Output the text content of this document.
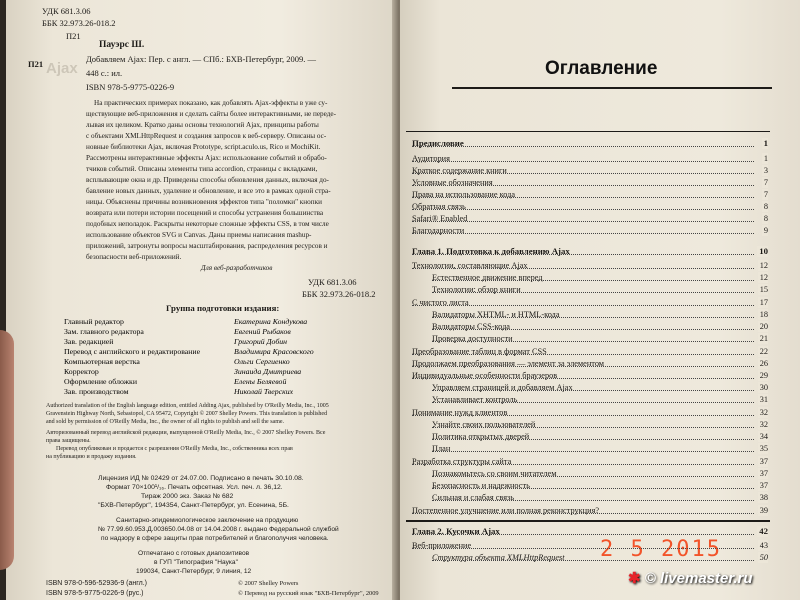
Ajax
УДК 681.3.06
ББК 32.973.26-018.2
П21
П21
Пауэрс Ш.
Добавляем Ajax: Пер. с англ. — СПб.: БХВ-Петербург, 2009. —
448 с.: ил.
ISBN 978-5-9775-0226-9
На практических примерах показано, как добавлять Ajax-эффекты в уже су-
ществующие веб-приложения и сделать сайты более интерактивными, не переде-
лывая их целиком. Кратко даны основы технологий Ajax, принципы работы
с объектами XMLHttpRequest и создания запросов к веб-серверу. Описаны ос-
новные библиотеки Ajax, включая Prototype, script.aculo.us, Rico и MochiKit.
Рассмотрены интерактивные эффекты Ajax: использование событий и обрабо-
тчиков событий. Описаны элементы типа accordion, страницы с вкладками,
всплывающие окна и др. Приведены способы обновления данных, включая до-
бавление новых данных, удаление и обновление, и все это в рамках одной стра-
ницы. Объяснены причины возникновения эффектов типа "поломки" кнопки
возврата или потери истории посещений и способы устранения большинства
подобных неполадок. Раскрыты некоторые сложные эффекты CSS, в том числе
использование объектов SVG и Canvas. Даны приемы написания mashup-
приложений, затронуты вопросы масштабирования, распределения ресурсов и
безопасности веб-приложений.
Для веб-разработчиков
УДК 681.3.06
ББК 32.973.26-018.2
Группа подготовки издания:
Главный редактор	Екатерина Кондукова
Зам. главного редактора	Евгений Рыбаков
Зав. редакцией	Григорий Добин
Перевод с английского и редактирование	Владимира Красовского
Компьютерная верстка	Ольги Сергиенко
Корректор	Зинаида Дмитриева
Оформление обложки	Елены Беляевой
Зав. производством	Николай Тверских
Authorized translation of the English language edition, entitled Adding Ajax, published by O'Reilly Media, Inc., 1005
Gravenstein Highway North, Sebastopol, CA 95472, Copyright © 2007 Shelley Powers. This translation is published
and sold by permission of O'Reilly Media, Inc., the owner of all rights to publish and sell the same.
Авторизованный перевод английской редакции, выпущенной O'Reilly Media, Inc., © 2007 Shelley Powers. Все
права защищены.
Перевод опубликован и продается с разрешения O'Reilly Media, Inc., собственника всех прав
на публикацию и продажу издания.
Лицензия ИД № 02429 от 24.07.00. Подписано в печать 30.10.08.
Формат 70×100¹/₁₆. Печать офсетная. Усл. печ. л. 36,12.
Тираж 2000 экз. Заказ № 682
"БХВ-Петербург", 194354, Санкт-Петербург, ул. Есенина, 5Б.
Санитарно-эпидемиологическое заключение на продукцию
№ 77.99.60.953.Д.003650.04.08 от 14.04.2008 г. выдано Федеральной службой
по надзору в сфере защиты прав потребителей и благополучия человека.
Отпечатано с готовых диапозитивов
в ГУП "Типография "Наука"
199034, Санкт-Петербург, 9 линия, 12
ISBN 978-0-596-52936-9 (англ.)
ISBN 978-5-9775-0226-9 (рус.)
© 2007 Shelley Powers
© Перевод на русский язык "БХВ-Петербург", 2009
Оглавление
Предисловие	1
Аудитория	1
Краткое содержание книги	3
Условные обозначения	7
Права на использование кода	7
Обратная связь	8
Safari® Enabled	8
Благодарности	9
Глава 1. Подготовка к добавлению Ajax	10
Технологии, составляющие Ajax	12
Естественное движение вперед	12
Технологии: обзор книги	15
С чистого листа	17
Валидаторы XHTML- и HTML-кода	18
Валидаторы CSS-кода	20
Проверка доступности	21
Преобразование таблиц в формат CSS	22
Продолжаем преобразования — элемент за элементом	26
Индивидуальные особенности браузеров	29
Управляем страницей и добавляем Ajax	30
Устанавливает контроль	31
Понимание нужд клиентов	32
Узнайте своих пользователей	32
Политика открытых дверей	34
План	35
Разработка структуры сайта	37
Познакомьтесь со своим читателем	37
Безопасность и надежность	37
Сильная и слабая связь	38
Постепенное улучшение или полная реконструкция?	39
Глава 2. Кусочки Ajax	42
Веб-приложение	43
Структура объекта XMLHttpRequest	50
2 5 2015
✱ © livemaster.ru
